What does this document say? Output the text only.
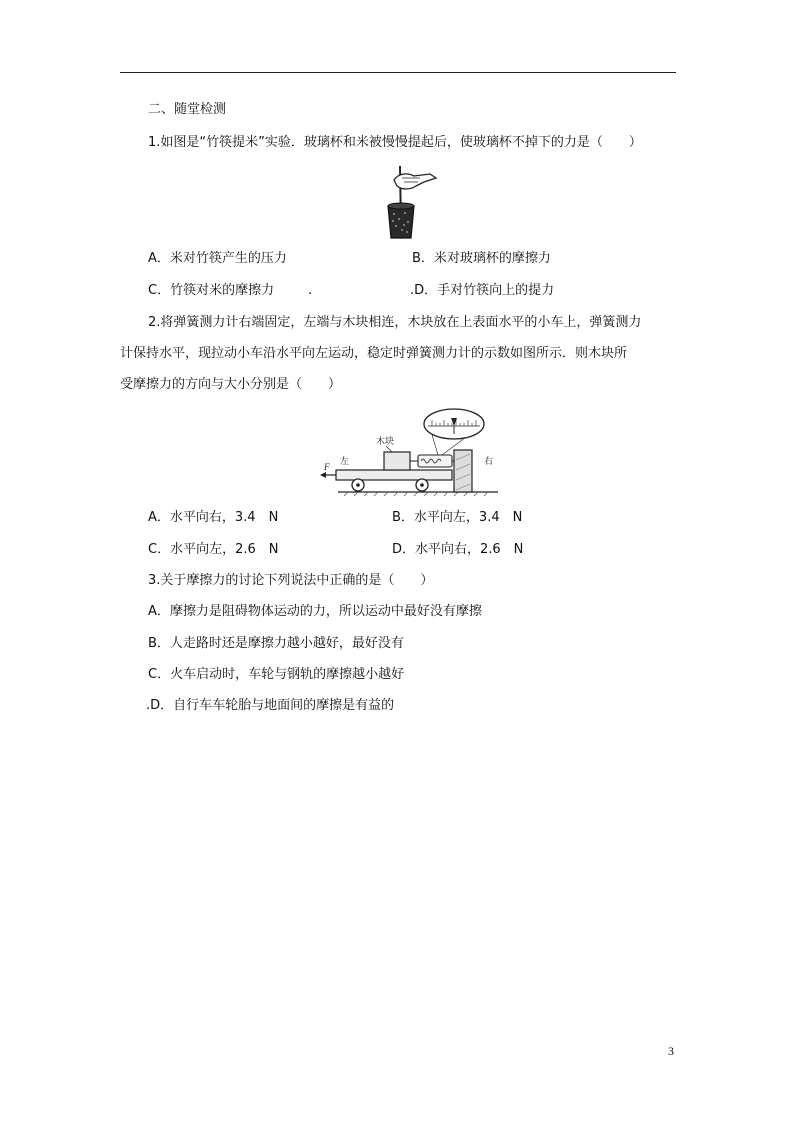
二、随堂检测
1.如图是“竹筷提米”实验．玻璃杯和米被慢慢提起后，使玻璃杯不掉下的力是（　　）
A．米对竹筷产生的压力	B．米对玻璃杯的摩擦力
C．竹筷对米的摩擦力	.	.D．手对竹筷向上的提力
2.将弹簧测力计右端固定，左端与木块相连，木块放在上表面水平的小车上，弹簧测力
计保持水平，现拉动小车沿水平向左运动，稳定时弹簧测力计的示数如图所示．则木块所
受摩擦力的方向与大小分别是（　　）
木块
左	右
F
A．水平向右，3.4　N	B．水平向左，3.4　N
C．水平向左，2.6　N	D．水平向右，2.6　N
3.关于摩擦力的讨论下列说法中正确的是（　　）
A．摩擦力是阻碍物体运动的力，所以运动中最好没有摩擦
B．人走路时还是摩擦力越小越好，最好没有
C．火车启动时，车轮与钢轨的摩擦越小越好
.D．自行车车轮胎与地面间的摩擦是有益的
3
